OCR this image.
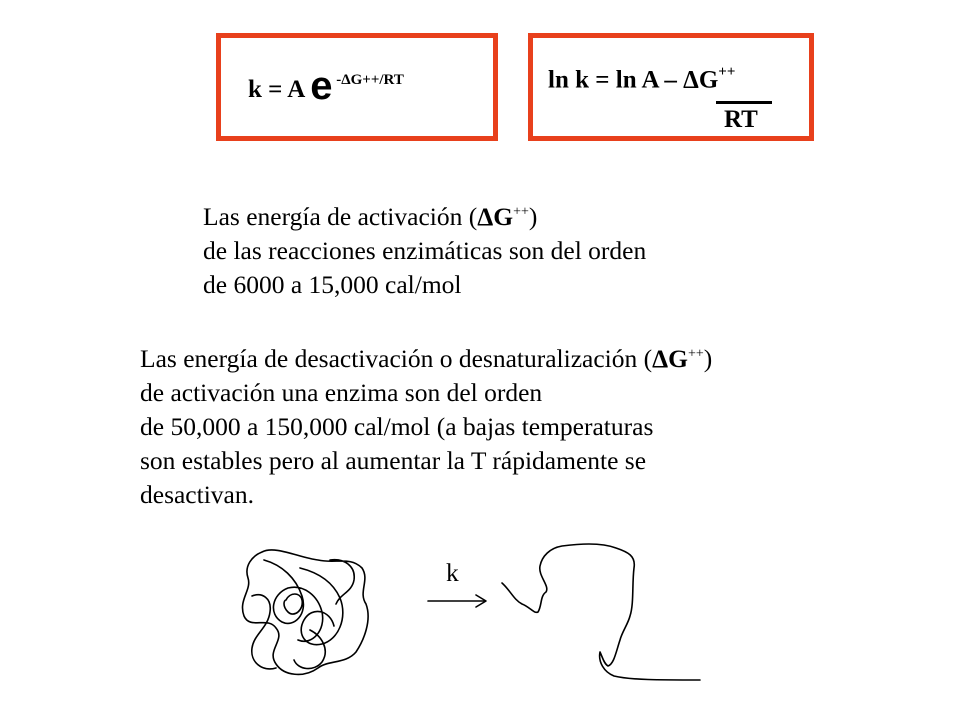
k = A e $^{-\Delta G++/RT}$	ln k = ln A – ΔG++
RT
Las energía de activación (ΔG++)
de las reacciones enzimáticas son del orden
de 6000 a 15,000 cal/mol
Las energía de desactivación o desnaturalización (ΔG++)
de activación una enzima son del orden
de 50,000 a 150,000 cal/mol (a bajas temperaturas
son estables pero al aumentar la T rápidamente se
desactivan.
k
